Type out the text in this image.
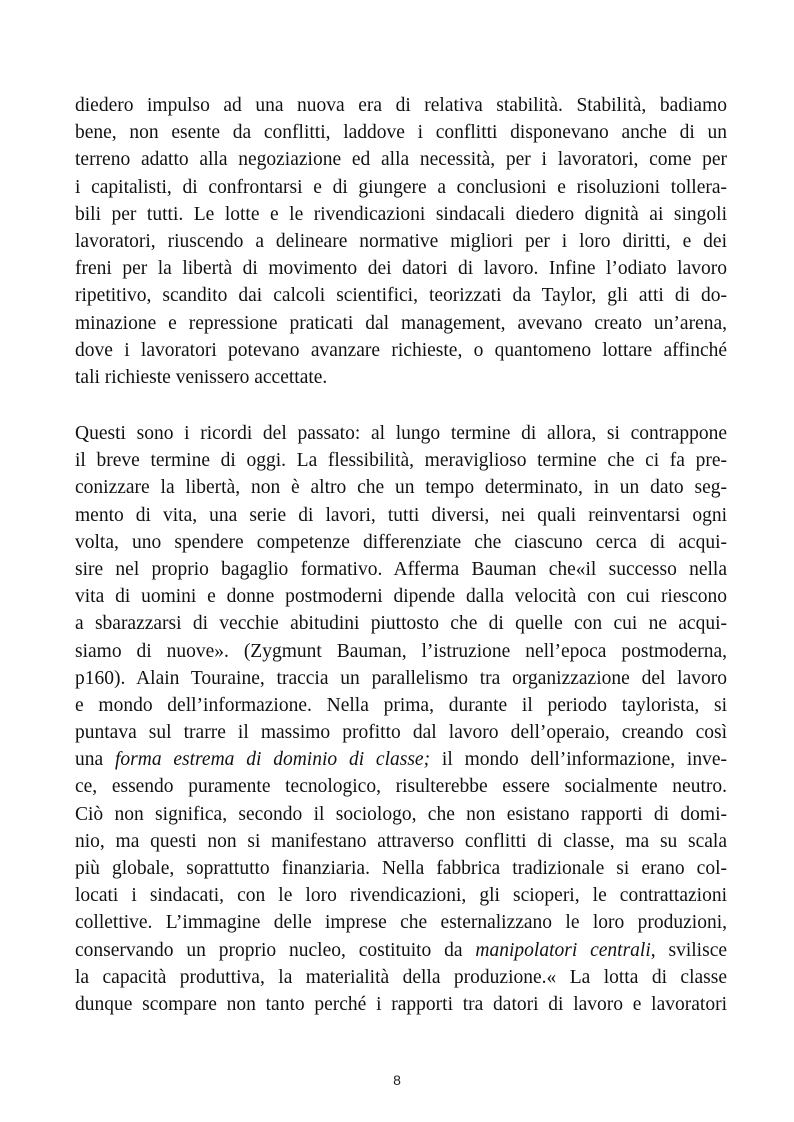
diedero impulso ad una nuova era di relativa stabilità. Stabilità, badiamo
bene, non esente da conflitti, laddove i conflitti disponevano anche di un
terreno adatto alla negoziazione ed alla necessità, per i lavoratori, come per
i capitalisti, di confrontarsi e di giungere a conclusioni e risoluzioni tollera-
bili per tutti. Le lotte e le rivendicazioni sindacali diedero dignità ai singoli
lavoratori, riuscendo a delineare normative migliori per i loro diritti, e dei
freni per la libertà di movimento dei datori di lavoro. Infine l’odiato lavoro
ripetitivo, scandito dai calcoli scientifici, teorizzati da Taylor, gli atti di do-
minazione e repressione praticati dal management, avevano creato un’arena,
dove i lavoratori potevano avanzare richieste, o quantomeno lottare affinché
tali richieste venissero accettate.
Questi sono i ricordi del passato: al lungo termine di allora, si contrappone
il breve termine di oggi. La flessibilità, meraviglioso termine che ci fa pre-
conizzare la libertà, non è altro che un tempo determinato, in un dato seg-
mento di vita, una serie di lavori, tutti diversi, nei quali reinventarsi ogni
volta, uno spendere competenze differenziate che ciascuno cerca di acqui-
sire nel proprio bagaglio formativo. Afferma Bauman che«il successo nella
vita di uomini e donne postmoderni dipende dalla velocità con cui riescono
a sbarazzarsi di vecchie abitudini piuttosto che di quelle con cui ne acqui-
siamo di nuove». (Zygmunt Bauman, l’istruzione nell’epoca postmoderna,
p160). Alain Touraine, traccia un parallelismo tra organizzazione del lavoro
e mondo dell’informazione. Nella prima, durante il periodo taylorista, si
puntava sul trarre il massimo profitto dal lavoro dell’operaio, creando così
una forma estrema di dominio di classe; il mondo dell’informazione, inve-
ce, essendo puramente tecnologico, risulterebbe essere socialmente neutro.
Ciò non significa, secondo il sociologo, che non esistano rapporti di domi-
nio, ma questi non si manifestano attraverso conflitti di classe, ma su scala
più globale, soprattutto finanziaria. Nella fabbrica tradizionale si erano col-
locati i sindacati, con le loro rivendicazioni, gli scioperi, le contrattazioni
collettive. L’immagine delle imprese che esternalizzano le loro produzioni,
conservando un proprio nucleo, costituito da manipolatori centrali, svilisce
la capacità produttiva, la materialità della produzione.« La lotta di classe
dunque scompare non tanto perché i rapporti tra datori di lavoro e lavoratori
8
